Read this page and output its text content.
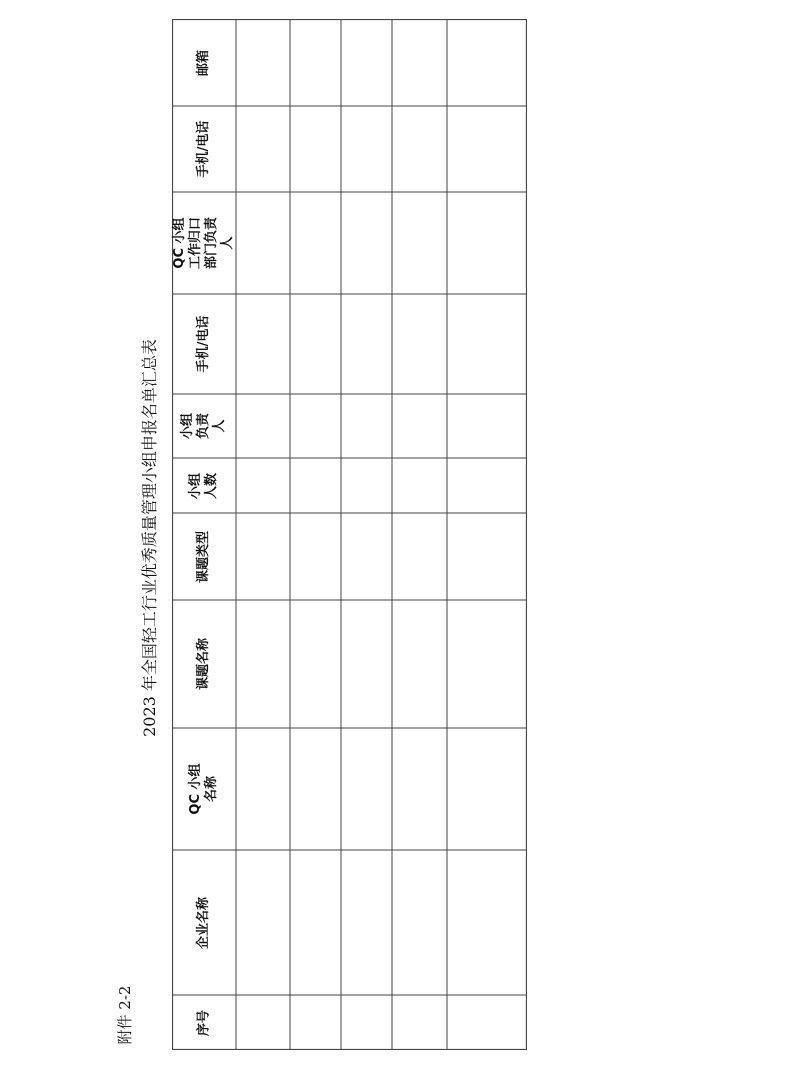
附件 2-2
2023 年全国轻工行业优秀质量管理小组申报名单汇总表
序号
企业名称
QC 小组名称
课题名称
课题类型
小组人数
小组负责人
手机/电话
QC 小组工作归口部门负责人
手机/电话
邮箱
